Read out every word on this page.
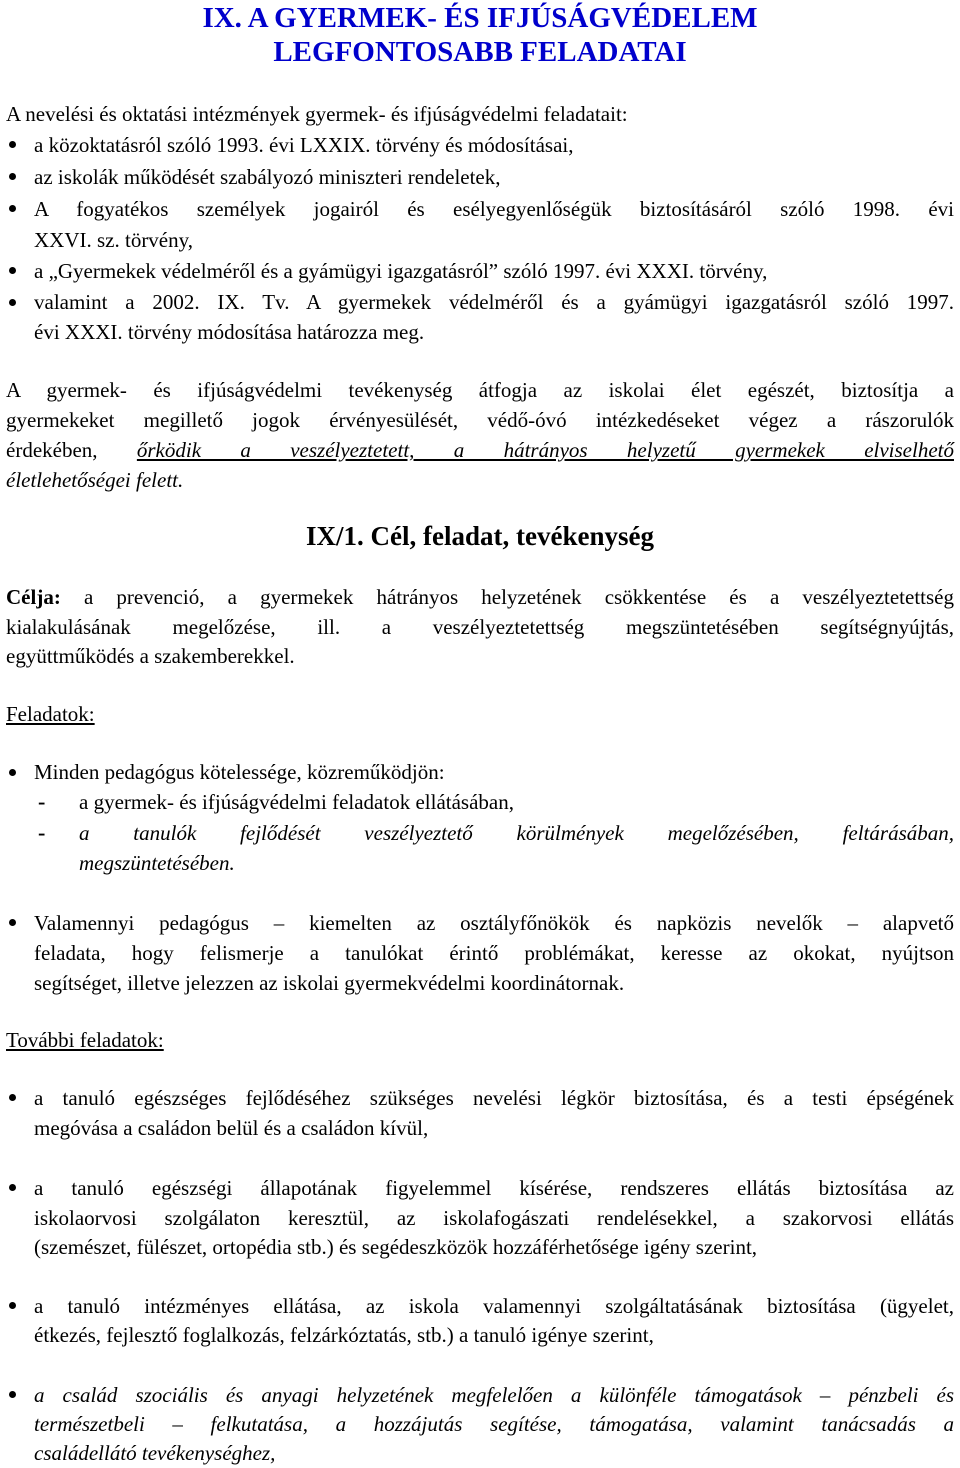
IX. A GYERMEK- ÉS IFJÚSÁGVÉDELEM
LEGFONTOSABB FELADATAI
A nevelési és oktatási intézmények gyermek- és ifjúságvédelmi feladatait:
a közoktatásról szóló 1993. évi LXXIX. törvény és módosításai,
az iskolák működését szabályozó miniszteri rendeletek,
A fogyatékos személyek jogairól és esélyegyenlőségük biztosításáról szóló 1998. évi
XXVI. sz. törvény,
a „Gyermekek védelméről és a gyámügyi igazgatásról” szóló 1997. évi XXXI. törvény,
valamint a 2002. IX. Tv. A gyermekek védelméről és a gyámügyi igazgatásról szóló 1997.
évi XXXI. törvény módosítása határozza meg.
A gyermek- és ifjúságvédelmi tevékenység átfogja az iskolai élet egészét, biztosítja a
gyermekeket megillető jogok érvényesülését, védő-óvó intézkedéseket végez a rászorulók
érdekében, őrködik a veszélyeztetett, a hátrányos helyzetű gyermekek elviselhető
életlehetőségei felett.
IX/1. Cél, feladat, tevékenység
Célja: a prevenció, a gyermekek hátrányos helyzetének csökkentése és a veszélyeztetettség
kialakulásának megelőzése, ill. a veszélyeztetettség megszüntetésében segítségnyújtás,
együttműködés a szakemberekkel.
Feladatok:
Minden pedagógus kötelessége, közreműködjön:
- a gyermek- és ifjúságvédelmi feladatok ellátásában,
- a tanulók fejlődését veszélyeztető körülmények megelőzésében, feltárásában,
megszüntetésében.
Valamennyi pedagógus – kiemelten az osztályfőnökök és napközis nevelők – alapvető
feladata, hogy felismerje a tanulókat érintő problémákat, keresse az okokat, nyújtson
segítséget, illetve jelezzen az iskolai gyermekvédelmi koordinátornak.
További feladatok:
a tanuló egészséges fejlődéséhez szükséges nevelési légkör biztosítása, és a testi épségének
megóvása a családon belül és a családon kívül,
a tanuló egészségi állapotának figyelemmel kísérése, rendszeres ellátás biztosítása az
iskolaorvosi szolgálaton keresztül, az iskolafogászati rendelésekkel, a szakorvosi ellátás
(szemészet, fülészet, ortopédia stb.) és segédeszközök hozzáférhetősége igény szerint,
a tanuló intézményes ellátása, az iskola valamennyi szolgáltatásának biztosítása (ügyelet,
étkezés, fejlesztő foglalkozás, felzárkóztatás, stb.) a tanuló igénye szerint,
a család szociális és anyagi helyzetének megfelelően a különféle támogatások – pénzbeli és
természetbeli – felkutatása, a hozzájutás segítése, támogatása, valamint tanácsadás a
családellátó tevékenységhez,
